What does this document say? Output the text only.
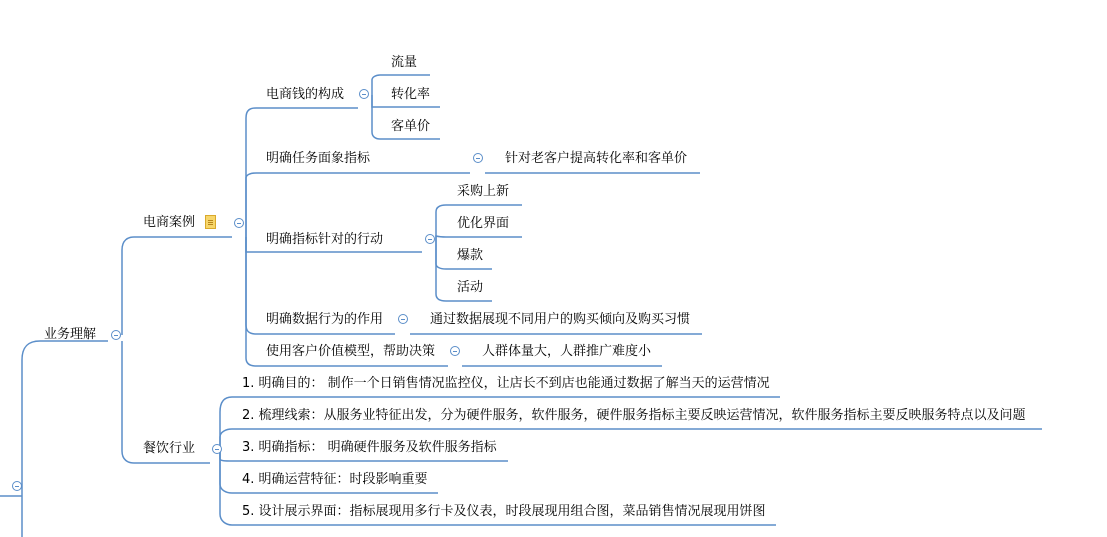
业务理解
电商案例
电商钱的构成
流量
转化率
客单价
明确任务面象指标	针对老客户提高转化率和客单价
明确指标针对的行动
采购上新
优化界面
爆款
活动
明确数据行为的作用	通过数据展现不同用户的购买倾向及购买习惯
使用客户价值模型，帮助决策	人群体量大，人群推广难度小
餐饮行业
1. 明确目的： 制作一个日销售情况监控仪，让店长不到店也能通过数据了解当天的运营情况
2. 梳理线索：从服务业特征出发，分为硬件服务，软件服务，硬件服务指标主要反映运营情况，软件服务指标主要反映服务特点以及问题
3. 明确指标： 明确硬件服务及软件服务指标
4. 明确运营特征：时段影响重要
5. 设计展示界面：指标展现用多行卡及仪表，时段展现用组合图，菜品销售情况展现用饼图
